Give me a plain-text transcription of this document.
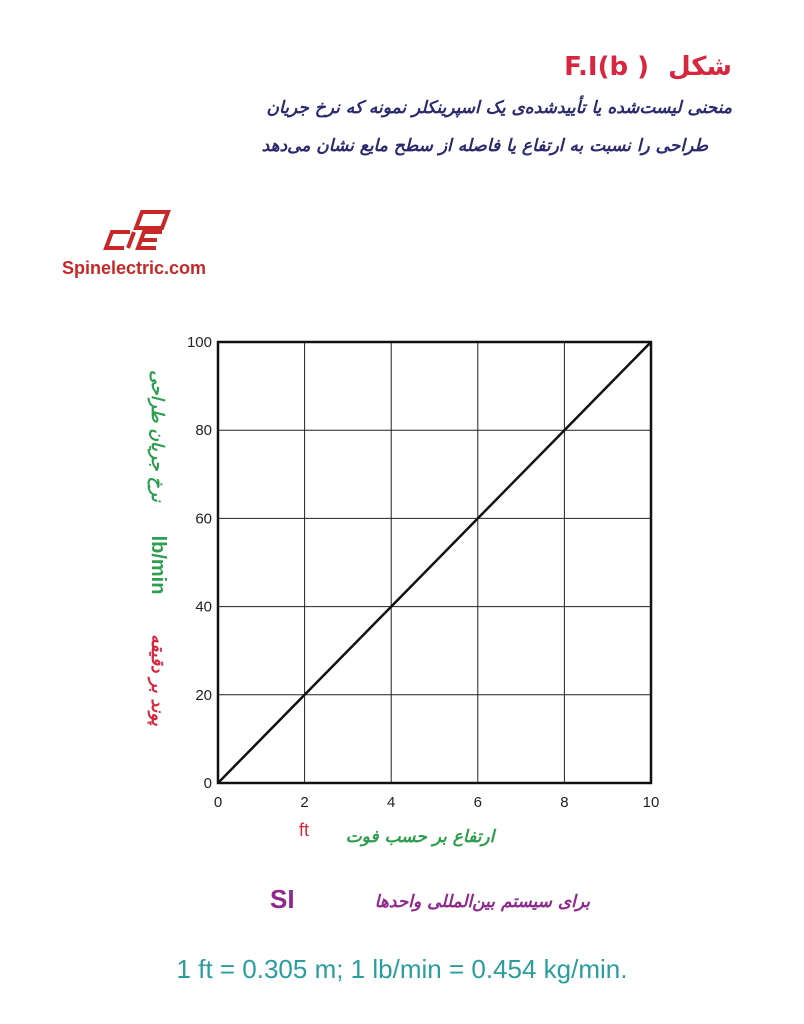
F.I(b ) شکل
منحنی لیست‌شده یا تأییدشده‌ی یک اسپرینکلر نمونه که نرخ جریان
طراحی را نسبت به ارتفاع یا فاصله از سطح مایع نشان می‌دهد
Spinelectric.com
0	2	4	6	8	10
0
20
40
60
80
100
نرخ جریان طراحی
lb/min
پوند بر دقیقه
ft ارتفاع بر حسب فوت
برای سیستم بین‌المللی واحدها
SI
1 ft = 0.305 m; 1 lb/min = 0.454 kg/min.
